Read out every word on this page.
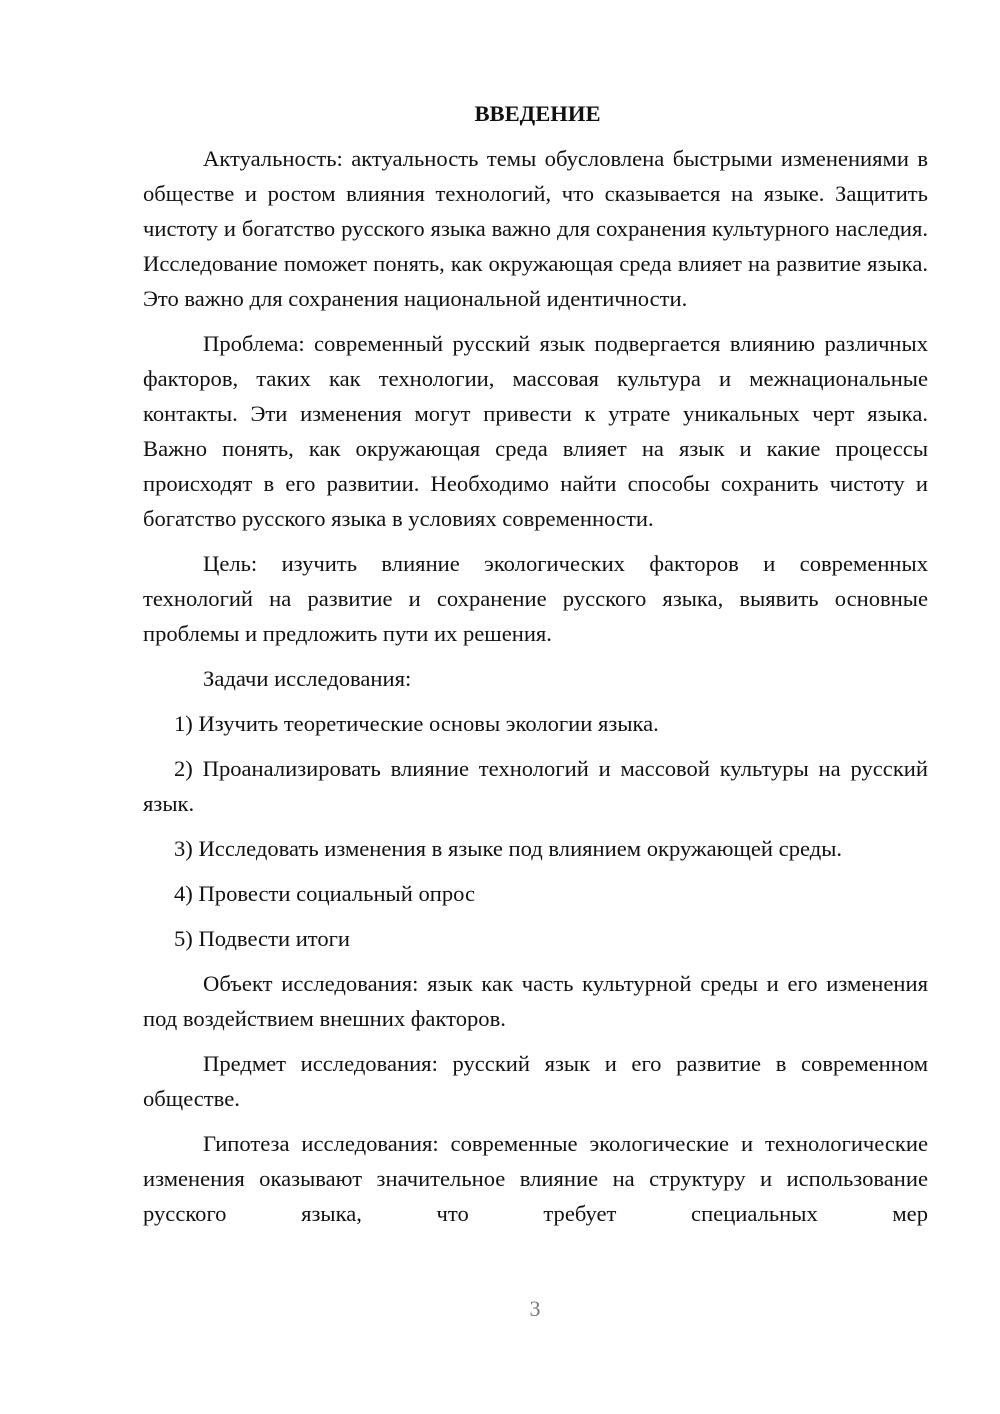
ВВЕДЕНИЕ

Актуальность: актуальность темы обусловлена быстрыми изменениями в обществе и ростом влияния технологий, что сказывается на языке. Защитить чистоту и богатство русского языка важно для сохранения культурного наследия. Исследование поможет понять, как окружающая среда влияет на развитие языка. Это важно для сохранения национальной идентичности.

Проблема: современный русский язык подвергается влиянию различных факторов, таких как технологии, массовая культура и межнациональные контакты. Эти изменения могут привести к утрате уникальных черт языка. Важно понять, как окружающая среда влияет на язык и какие процессы происходят в его развитии. Необходимо найти способы сохранить чистоту и богатство русского языка в условиях современности.

Цель: изучить влияние экологических факторов и современных технологий на развитие и сохранение русского языка, выявить основные проблемы и предложить пути их решения.

Задачи исследования:

1) Изучить теоретические основы экологии языка.

2) Проанализировать влияние технологий и массовой культуры на русский язык.

3) Исследовать изменения в языке под влиянием окружающей среды.

4) Провести социальный опрос

5) Подвести итоги

Объект исследования: язык как часть культурной среды и его изменения под воздействием внешних факторов.

Предмет исследования: русский язык и его развитие в современном обществе.

Гипотеза исследования: современные экологические и технологические изменения оказывают значительное влияние на структуру и использование русского языка, что требует специальных мер

3
